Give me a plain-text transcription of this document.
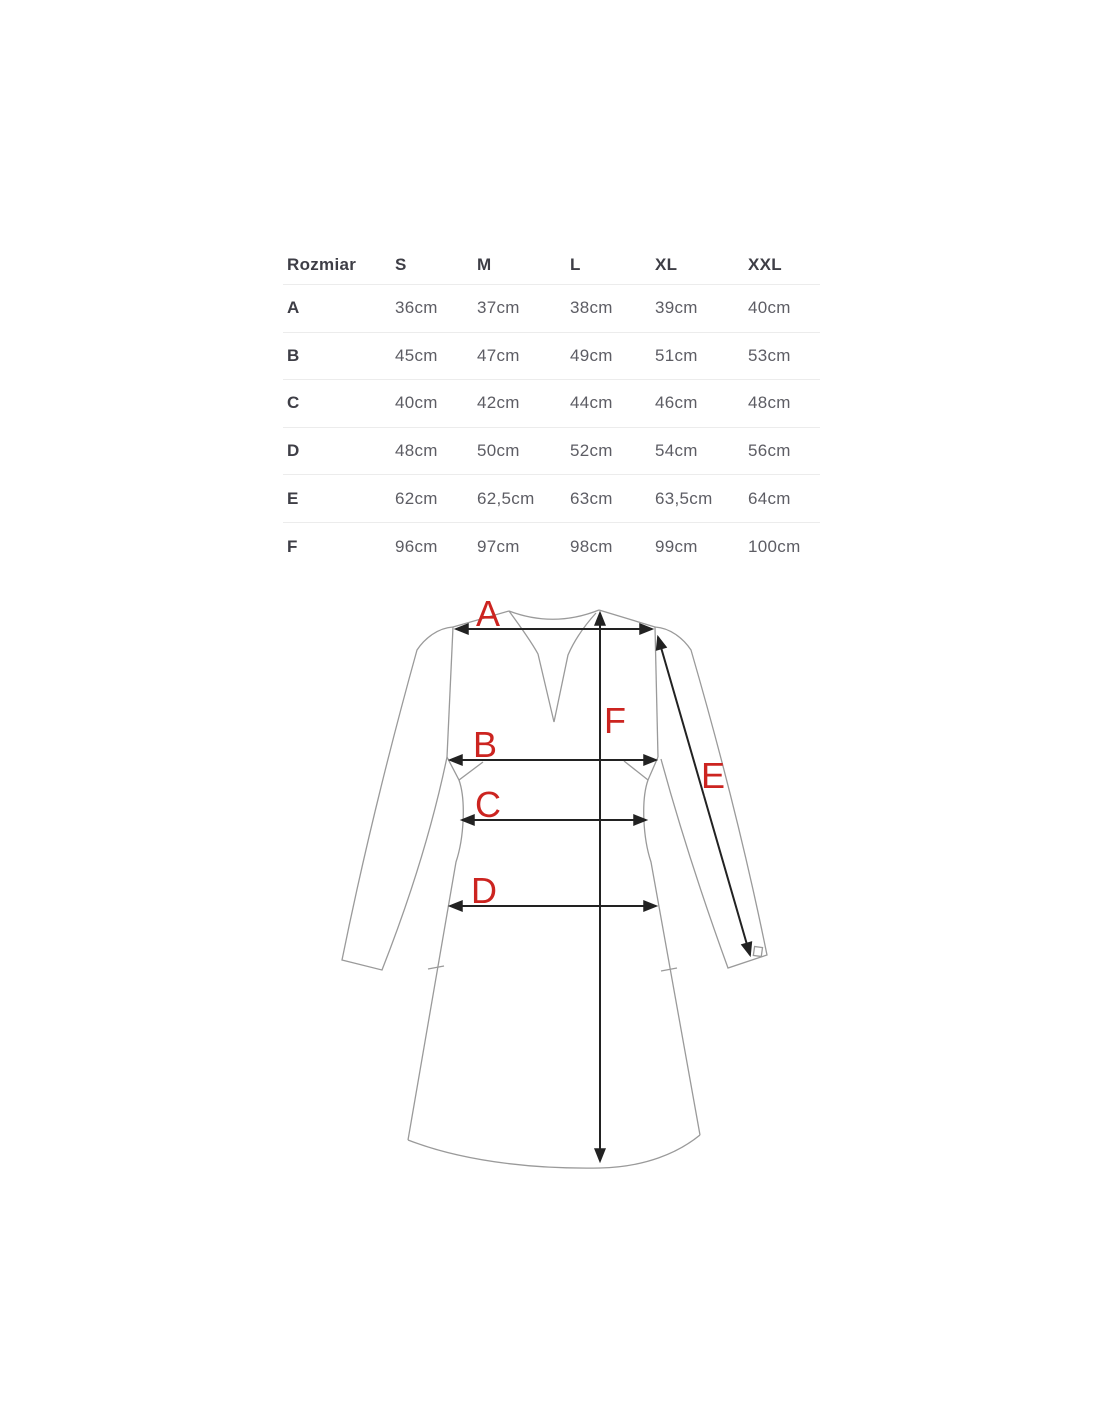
Rozmiar	S	M	L	XL	XXL
A	36cm	37cm	38cm	39cm	40cm
B	45cm	47cm	49cm	51cm	53cm
C	40cm	42cm	44cm	46cm	48cm
D	48cm	50cm	52cm	54cm	56cm
E	62cm	62,5cm	63cm	63,5cm	64cm
F	96cm	97cm	98cm	99cm	100cm
A
B
C
D
E
F
